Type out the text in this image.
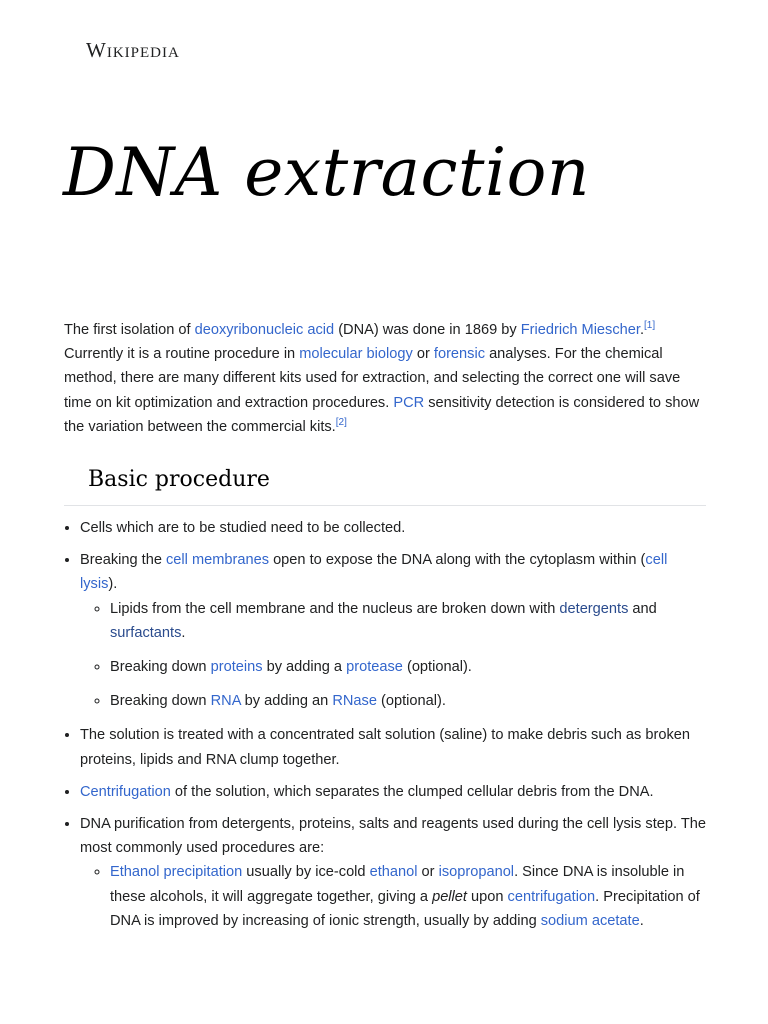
Wikipedia
DNA extraction

The first isolation of deoxyribonucleic acid (DNA) was done in 1869 by Friedrich Miescher.[1] Currently it is a routine procedure in molecular biology or forensic analyses. For the chemical method, there are many different kits used for extraction, and selecting the correct one will save time on kit optimization and extraction procedures. PCR sensitivity detection is considered to show the variation between the commercial kits.[2]

Basic procedure
• Cells which are to be studied need to be collected.
• Breaking the cell membranes open to expose the DNA along with the cytoplasm within (cell lysis).
◦ Lipids from the cell membrane and the nucleus are broken down with detergents and surfactants.
◦ Breaking down proteins by adding a protease (optional).
◦ Breaking down RNA by adding an RNase (optional).
• The solution is treated with a concentrated salt solution (saline) to make debris such as broken proteins, lipids and RNA clump together.
• Centrifugation of the solution, which separates the clumped cellular debris from the DNA.
• DNA purification from detergents, proteins, salts and reagents used during the cell lysis step. The most commonly used procedures are:
◦ Ethanol precipitation usually by ice-cold ethanol or isopropanol. Since DNA is insoluble in these alcohols, it will aggregate together, giving a pellet upon centrifugation. Precipitation of DNA is improved by increasing of ionic strength, usually by adding sodium acetate.
